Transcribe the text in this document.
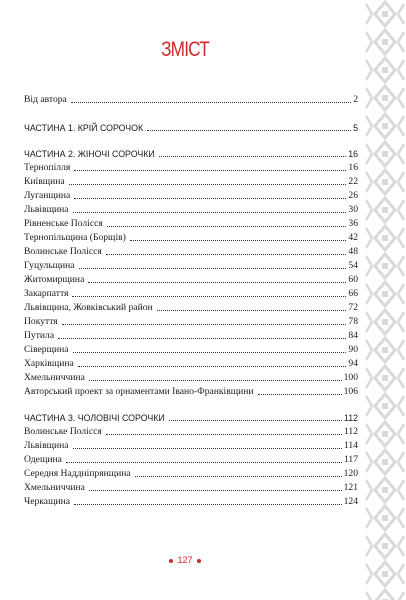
ЗМІСТ
Від автора	2
ЧАСТИНА 1. КРІЙ СОРОЧОК	5
ЧАСТИНА 2. ЖІНОЧІ СОРОЧКИ	16
Тернопілля	16
Київщина	22
Луганщина	26
Львівщина	30
Рівненське Полісся	36
Тернопільщина (Борщів)	42
Волинське Полісся	48
Гуцульщина	54
Житомирщина	60
Закарпаття	66
Львівщина, Жовківський район	72
Покуття	78
Путила	84
Сіверщина	90
Харківщина	94
Хмельниччина	100
Авторський проект за орнаментами Івано-Франківщини	106
ЧАСТИНА 3. ЧОЛОВІЧІ СОРОЧКИ	112
Волинське Полісся	112
Львівщина	114
Одещина	117
Середня Наддніпрянщина	120
Хмельниччина	121
Черкащина	124
127
